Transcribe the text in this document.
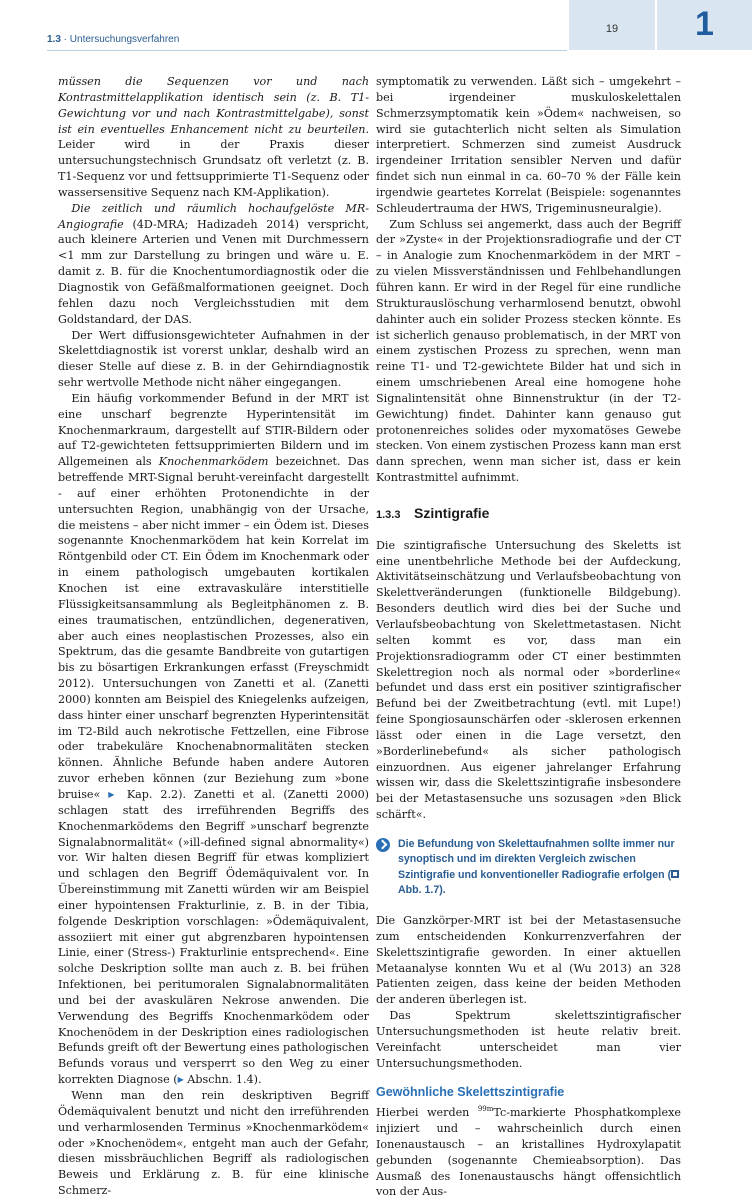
1.3 · Untersuchungsverfahren
19	1

müssen die Sequenzen vor und nach Kontrastmittelapplikation identisch sein (z. B. T1-Gewichtung vor und nach Kontrastmittelgabe), sonst ist ein eventuelles Enhancement nicht zu beurteilen. Leider wird in der Praxis dieser untersuchungstechnisch Grundsatz oft verletzt (z. B. T1-Sequenz vor und fettsupprimierte T1-Sequenz oder wassersensitive Sequenz nach KM-Applikation).

Die zeitlich und räumlich hochaufgelöste MR-Angiografie (4D-MRA; Hadizadeh 2014) verspricht, auch kleinere Arterien und Venen mit Durchmessern <1 mm zur Darstellung zu bringen und wäre u. E. damit z. B. für die Knochentumordiagnostik oder die Diagnostik von Gefäßmalformationen geeignet. Doch fehlen dazu noch Vergleichsstudien mit dem Goldstandard, der DAS.

Der Wert diffusionsgewichteter Aufnahmen in der Skelettdiagnostik ist vorerst unklar, deshalb wird an dieser Stelle auf diese z. B. in der Gehirndiagnostik sehr wertvolle Methode nicht näher eingegangen.

Ein häufig vorkommender Befund in der MRT ist eine unscharf begrenzte Hyperintensität im Knochenmarkraum, dargestellt auf STIR-Bildern oder auf T2-gewichteten fettsupprimierten Bildern und im Allgemeinen als Knochenmarködem bezeichnet. Das betreffende MRT-Signal beruht-vereinfacht dargestellt - auf einer erhöhten Protonendichte in der untersuchten Region, unabhängig von der Ursache, die meistens – aber nicht immer – ein Ödem ist. Dieses sogenannte Knochenmarködem hat kein Korrelat im Röntgenbild oder CT. Ein Ödem im Knochenmark oder in einem pathologisch umgebauten kortikalen Knochen ist eine extravaskuläre interstitielle Flüssigkeitsansammlung als Begleitphänomen z. B. eines traumatischen, entzündlichen, degenerativen, aber auch eines neoplastischen Prozesses, also ein Spektrum, das die gesamte Bandbreite von gutartigen bis zu bösartigen Erkrankungen erfasst (Freyschmidt 2012). Untersuchungen von Zanetti et al. (Zanetti 2000) konnten am Beispiel des Kniegelenks aufzeigen, dass hinter einer unscharf begrenzten Hyperintensität im T2-Bild auch nekrotische Fettzellen, eine Fibrose oder trabekuläre Knochenabnormalitäten stecken können. Ähnliche Befunde haben andere Autoren zuvor erheben können (zur Beziehung zum »bone bruise« ▶ Kap. 2.2). Zanetti et al. (Zanetti 2000) schlagen statt des irreführenden Begriffs des Knochenmarködems den Begriff »unscharf begrenzte Signalabnormalität« (»ill-defined signal abnormality«) vor. Wir halten diesen Begriff für etwas kompliziert und schlagen den Begriff Ödemäquivalent vor. In Übereinstimmung mit Zanetti würden wir am Beispiel einer hypointensen Frakturlinie, z. B. in der Tibia, folgende Deskription vorschlagen: »Ödemäquivalent, assoziiert mit einer gut abgrenzbaren hypointensen Linie, einer (Stress-) Frakturlinie entsprechend«. Eine solche Deskription sollte man auch z. B. bei frühen Infektionen, bei peritumoralen Signalabnormalitäten und bei der avaskulären Nekrose anwenden. Die Verwendung des Begriffs Knochenmarködem oder Knochenödem in der Deskription eines radiologischen Befunds greift oft der Bewertung eines pathologischen Befunds voraus und versperrt so den Weg zu einer korrekten Diagnose (▶ Abschn. 1.4).

Wenn man den rein deskriptiven Begriff Ödemäquivalent benutzt und nicht den irreführenden und verharmlosenden Terminus »Knochenmarködem« oder »Knochenödem«, entgeht man auch der Gefahr, diesen missbräuchlichen Begriff als radiologischen Beweis und Erklärung z. B. für eine klinische Schmerz-

symptomatik zu verwenden. Läßt sich – umgekehrt – bei irgendeiner muskuloskelettalen Schmerzsymptomatik kein »Ödem« nachweisen, so wird sie gutachterlich nicht selten als Simulation interpretiert. Schmerzen sind zumeist Ausdruck irgendeiner Irritation sensibler Nerven und dafür findet sich nun einmal in ca. 60–70 % der Fälle kein irgendwie geartetes Korrelat (Beispiele: sogenanntes Schleudertrauma der HWS, Trigeminusneuralgie).

Zum Schluss sei angemerkt, dass auch der Begriff der »Zyste« in der Projektionsradiografie und der CT – in Analogie zum Knochenmarködem in der MRT – zu vielen Missverständnissen und Fehlbehandlungen führen kann. Er wird in der Regel für eine rundliche Strukturauslöschung verharmlosend benutzt, obwohl dahinter auch ein solider Prozess stecken könnte. Es ist sicherlich genauso problematisch, in der MRT von einem zystischen Prozess zu sprechen, wenn man reine T1- und T2-gewichtete Bilder hat und sich in einem umschriebenen Areal eine homogene hohe Signalintensität ohne Binnenstruktur (in der T2-Gewichtung) findet. Dahinter kann genauso gut protonenreiches solides oder myxomatöses Gewebe stecken. Von einem zystischen Prozess kann man erst dann sprechen, wenn man sicher ist, dass er kein Kontrastmittel aufnimmt.

1.3.3 Szintigrafie

Die szintigrafische Untersuchung des Skeletts ist eine unentbehrliche Methode bei der Aufdeckung, Aktivitätseinschätzung und Verlaufsbeobachtung von Skelettveränderungen (funktionelle Bildgebung). Besonders deutlich wird dies bei der Suche und Verlaufsbeobachtung von Skelettmetastasen. Nicht selten kommt es vor, dass man ein Projektionsradiogramm oder CT einer bestimmten Skelettregion noch als normal oder »borderline« befundet und dass erst ein positiver szintigrafischer Befund bei der Zweitbetrachtung (evtl. mit Lupe!) feine Spongiosaunschärfen oder -sklerosen erkennen lässt oder einen in die Lage versetzt, den »Borderlinebefund« als sicher pathologisch einzuordnen. Aus eigener jahrelanger Erfahrung wissen wir, dass die Skelettszintigrafie insbesondere bei der Metastasensuche uns sozusagen »den Blick schärft«.

Die Befundung von Skelettaufnahmen sollte immer nur synoptisch und im direkten Vergleich zwischen Szintigrafie und konventioneller Radiografie erfolgen ( Abb. 1.7).

Die Ganzkörper-MRT ist bei der Metastasensuche zum entscheidenden Konkurrenzverfahren der Skelettszintigrafie geworden. In einer aktuellen Metaanalyse konnten Wu et al (Wu 2013) an 328 Patienten zeigen, dass keine der beiden Methoden der anderen überlegen ist.

Das Spektrum skelettszintigrafischer Untersuchungsmethoden ist heute relativ breit. Vereinfacht unterscheidet man vier Untersuchungsmethoden.

Gewöhnliche Skelettszintigrafie

Hierbei werden $^{99m}$Tc-markierte Phosphatkomplexe injiziert und – wahrscheinlich durch einen Ionenaustausch – an kristallines Hydroxylapatit gebunden (sogenannte Chemieabsorption). Das Ausmaß des Ionenaustauschs hängt offensichtlich von der Aus-
